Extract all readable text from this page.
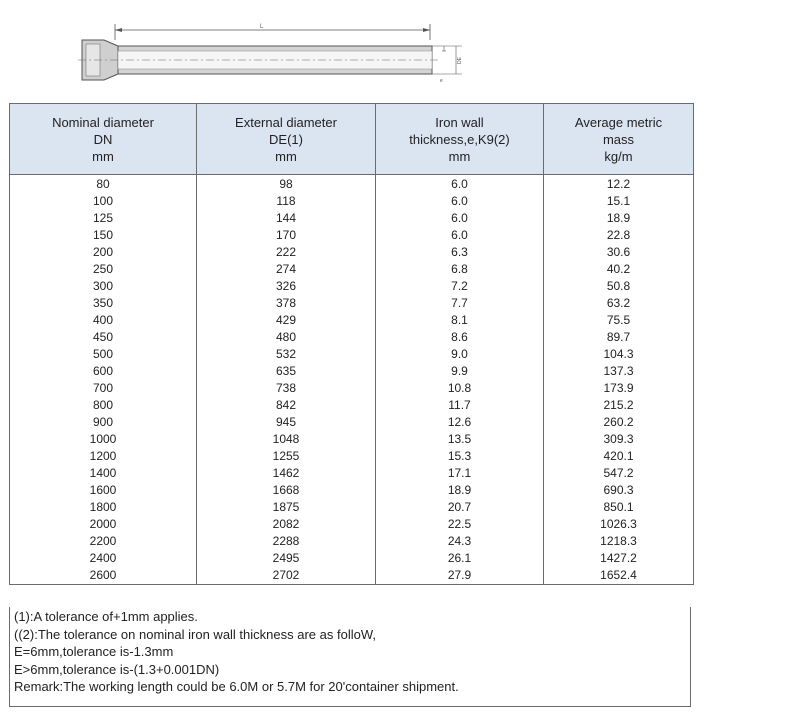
L
DE
e
Nominal diameter
DN
mm	External diameter
DE(1)
mm	Iron wall
thickness,e,K9(2)
mm	Average metric
mass
kg/m
80	98	6.0	12.2
100	118	6.0	15.1
125	144	6.0	18.9
150	170	6.0	22.8
200	222	6.3	30.6
250	274	6.8	40.2
300	326	7.2	50.8
350	378	7.7	63.2
400	429	8.1	75.5
450	480	8.6	89.7
500	532	9.0	104.3
600	635	9.9	137.3
700	738	10.8	173.9
800	842	11.7	215.2
900	945	12.6	260.2
1000	1048	13.5	309.3
1200	1255	15.3	420.1
1400	1462	17.1	547.2
1600	1668	18.9	690.3
1800	1875	20.7	850.1
2000	2082	22.5	1026.3
2200	2288	24.3	1218.3
2400	2495	26.1	1427.2
2600	2702	27.9	1652.4
(1):A tolerance of+1mm applies.
((2):The tolerance on nominal iron wall thickness are as folloW,
E=6mm,tolerance is-1.3mm
E>6mm,tolerance is-(1.3+0.001DN)
Remark:The working length could be 6.0M or 5.7M for 20'container shipment.
